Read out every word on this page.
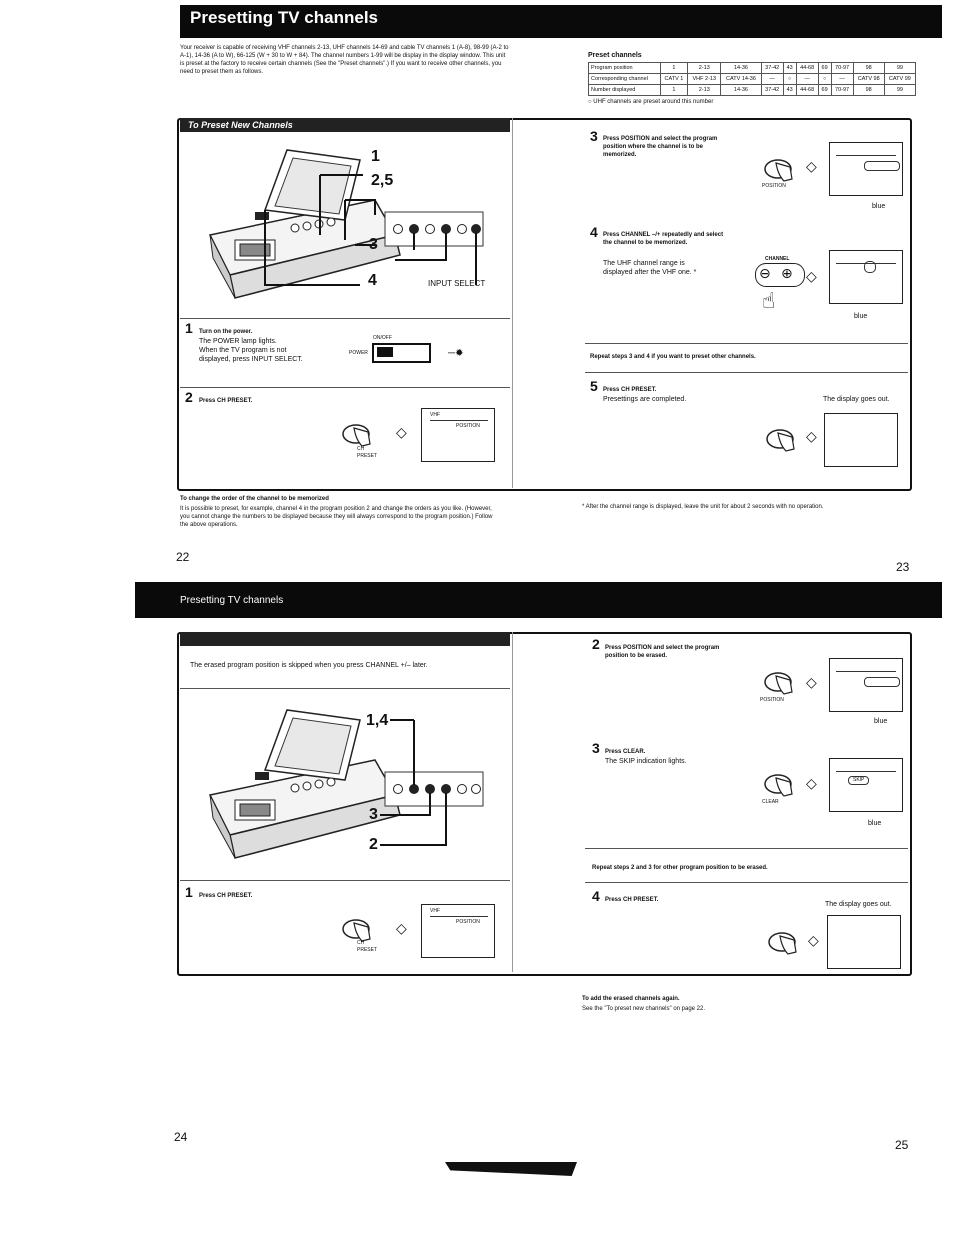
Presetting TV channels
Your receiver is capable of receiving VHF channels 2-13, UHF channels 14-69 and cable TV channels 1 (A-8), 98-99 (A-2 to A-1), 14-36 (A to W), 66-125 (W + 30 to W + 84). The channel numbers 1-99 will be display in the display window. This unit is preset at the factory to receive certain channels (See the "Preset channels".) If you want to receive other channels, you need to preset them as follows.
Preset channels
Program position	1	2-13	14-36	37-42	43	44-68	69	70-97	98	99
Corresponding channel	CATV 1	VHF 2-13	CATV 14-36	—	○	—	○	—	CATV 98	CATV 99
Number displayed	1	2-13	14-36	37-42	43	44-68	69	70-97	98	99
○ UHF channels are preset around this number
To Preset New Channels
1
2,5
3
4	INPUT SELECT
1 Turn on the power.
The POWER lamp lights.
When the TV program is not
displayed, press INPUT SELECT.
ON/OFF
POWER	─✹
2 Press CH PRESET.
CH PRESET
◇
VHF
POSITION
3 Press POSITION and select the program position where the channel is to be memorized.
POSITION
◇
blue
4 Press CHANNEL –/+ repeatedly and select the channel to be memorized.
The UHF channel range is
displayed after the VHF one. *
CHANNEL
⊖ ⊕
☝
◇
blue
Repeat steps 3 and 4 if you want to preset other channels.
5 Press CH PRESET.
Presettings are completed.	The display goes out.
◇
To change the order of the channel to be memorized
It is possible to preset, for example, channel 4 in the program position 2 and change the orders as you like. (However, you cannot change the numbers to be displayed because they will always correspond to the program position.) Follow the above operations.
* After the channel range is displayed, leave the unit for about 2 seconds with no operation.
22
23
Presetting TV channels
To Erase Unwanted Program Positions
The erased program position is skipped when you press CHANNEL +/– later.
1,4
3
2
1 Press CH PRESET.
CH PRESET
◇
VHF
POSITION
2 Press POSITION and select the program position to be erased.
POSITION
◇
blue
3 Press CLEAR.
The SKIP indication lights.
CLEAR
◇	SKIP
blue
Repeat steps 2 and 3 for other program position to be erased.
4 Press CH PRESET.
The display goes out.
◇
To add the erased channels again.
See the "To preset new channels" on page 22.
24
25
